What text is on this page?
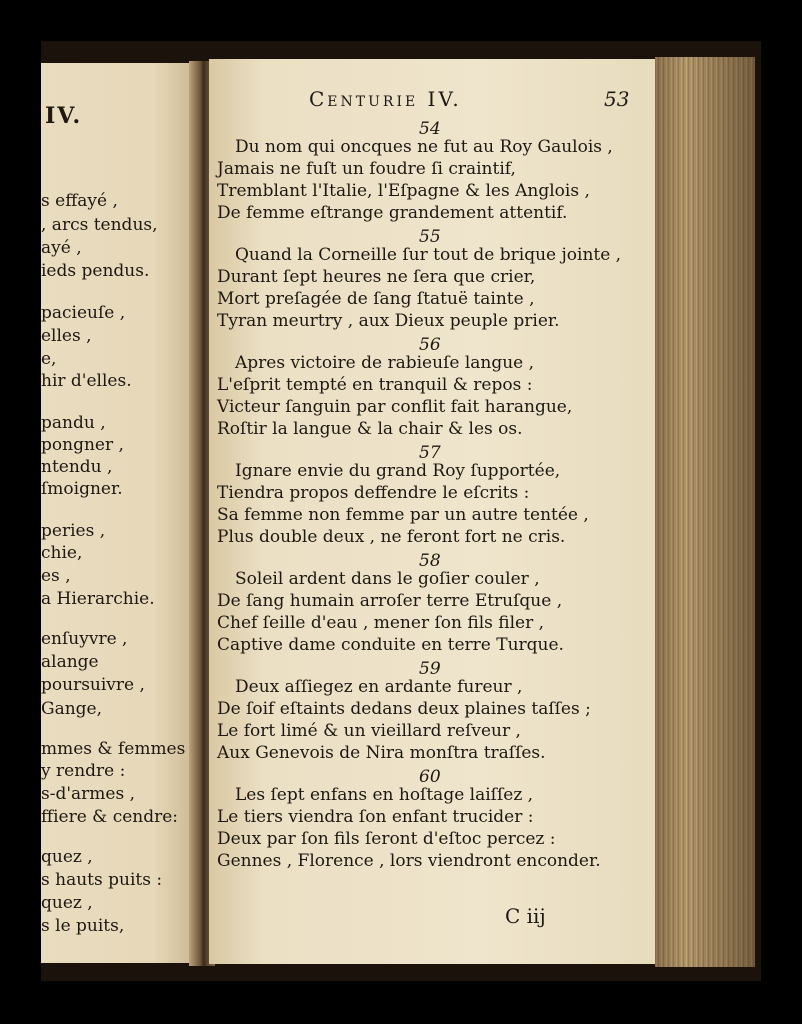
IV.
s effayé ,
, arcs tendus,
ayé ,
ieds pendus.
pacieuſe ,
elles ,
e,
hir d'elles.
pandu ,
pongner ,
ntendu ,
ſmoigner.
peries ,
chie,
es ,
a Hierarchie.
enſuyvre ,
alange
poursuivre ,
Gange,
mmes & femmes
y rendre :
s-d'armes ,
ffiere & cendre:
quez ,
s hauts puits :
quez ,
s le puits,
Centurie IV.	53
54
Du nom qui oncques ne fut au Roy Gaulois ,
Jamais ne fuſt un foudre ſi craintif,
Tremblant l'Italie, l'Eſpagne & les Anglois ,
De femme eſtrange grandement attentif.
55
Quand la Corneille ſur tout de brique jointe ,
Durant ſept heures ne ſera que crier,
Mort preſagée de ſang ſtatuë tainte ,
Tyran meurtry , aux Dieux peuple prier.
56
Apres victoire de rabieuſe langue ,
L'eſprit tempté en tranquil & repos :
Victeur ſanguin par conflit fait harangue,
Roſtir la langue & la chair & les os.
57
Ignare envie du grand Roy ſupportée,
Tiendra propos deffendre le eſcrits :
Sa femme non femme par un autre tentée ,
Plus double deux , ne feront fort ne cris.
58
Soleil ardent dans le goſier couler ,
De ſang humain arroſer terre Etruſque ,
Chef ſeille d'eau , mener ſon fils filer ,
Captive dame conduite en terre Turque.
59
Deux aſſiegez en ardante fureur ,
De ſoif eſtaints dedans deux plaines taſſes ;
Le fort limé & un vieillard reſveur ,
Aux Genevois de Nira monſtra traſſes.
60
Les ſept enfans en hoſtage laiſſez ,
Le tiers viendra ſon enfant trucider :
Deux par ſon fils ſeront d'eſtoc percez :
Gennes , Florence , lors viendront enconder.
C iij
